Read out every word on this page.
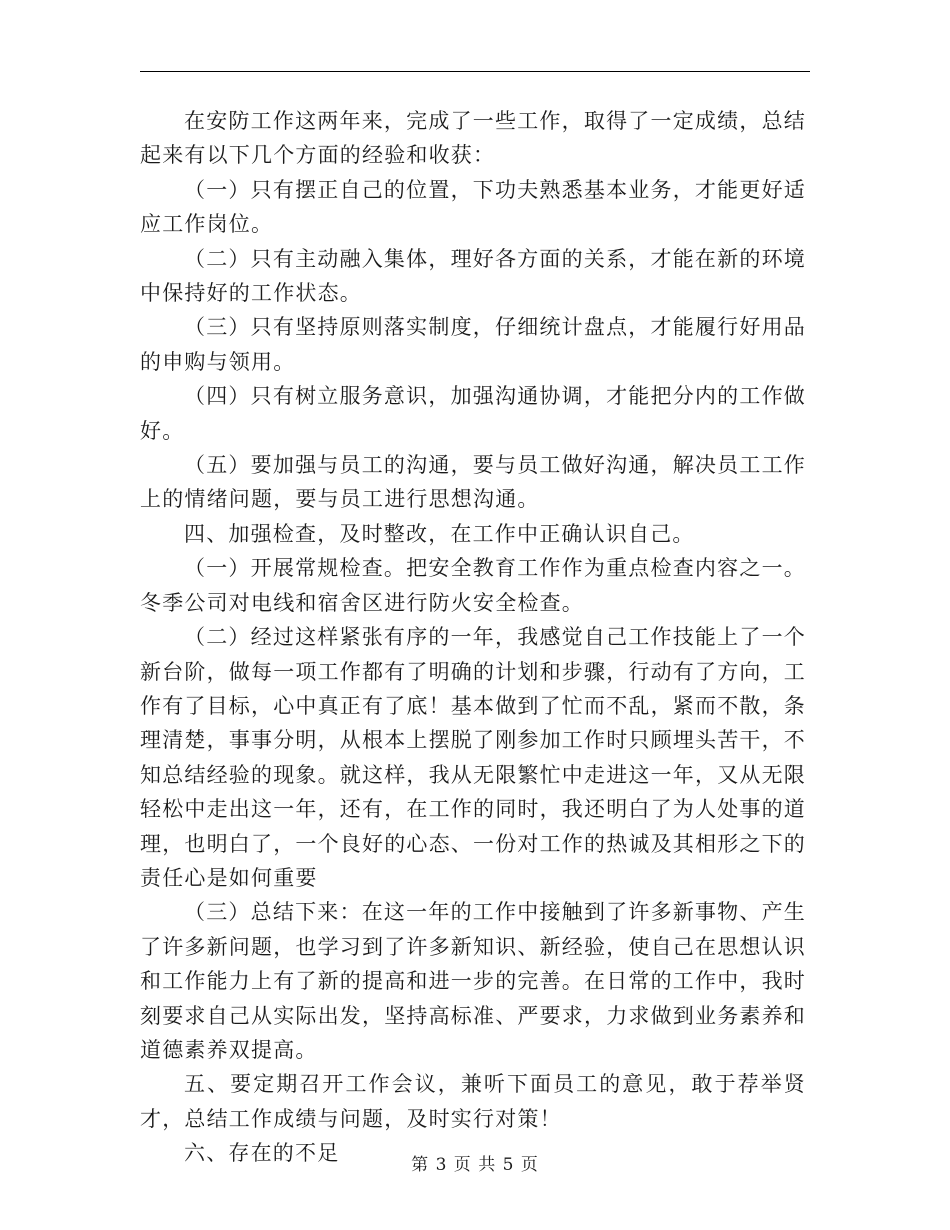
在安防工作这两年来，完成了一些工作，取得了一定成绩，总结起来有以下几个方面的经验和收获：

（一）只有摆正自己的位置，下功夫熟悉基本业务，才能更好适应工作岗位。

（二）只有主动融入集体，理好各方面的关系，才能在新的环境中保持好的工作状态。

（三）只有坚持原则落实制度，仔细统计盘点，才能履行好用品的申购与领用。

（四）只有树立服务意识，加强沟通协调，才能把分内的工作做好。

（五）要加强与员工的沟通，要与员工做好沟通，解决员工工作上的情绪问题，要与员工进行思想沟通。

四、加强检查，及时整改，在工作中正确认识自己。

（一）开展常规检查。把安全教育工作作为重点检查内容之一。冬季公司对电线和宿舍区进行防火安全检查。

（二）经过这样紧张有序的一年，我感觉自己工作技能上了一个新台阶，做每一项工作都有了明确的计划和步骤，行动有了方向，工作有了目标，心中真正有了底！基本做到了忙而不乱，紧而不散，条理清楚，事事分明，从根本上摆脱了刚参加工作时只顾埋头苦干，不知总结经验的现象。就这样，我从无限繁忙中走进这一年，又从无限轻松中走出这一年，还有，在工作的同时，我还明白了为人处事的道理，也明白了，一个良好的心态、一份对工作的热诚及其相形之下的责任心是如何重要

（三）总结下来：在这一年的工作中接触到了许多新事物、产生了许多新问题，也学习到了许多新知识、新经验，使自己在思想认识和工作能力上有了新的提高和进一步的完善。在日常的工作中，我时刻要求自己从实际出发，坚持高标准、严要求，力求做到业务素养和道德素养双提高。

五、要定期召开工作会议，兼听下面员工的意见，敢于荐举贤才，总结工作成绩与问题，及时实行对策！

六、存在的不足	第 3 页 共 5 页
